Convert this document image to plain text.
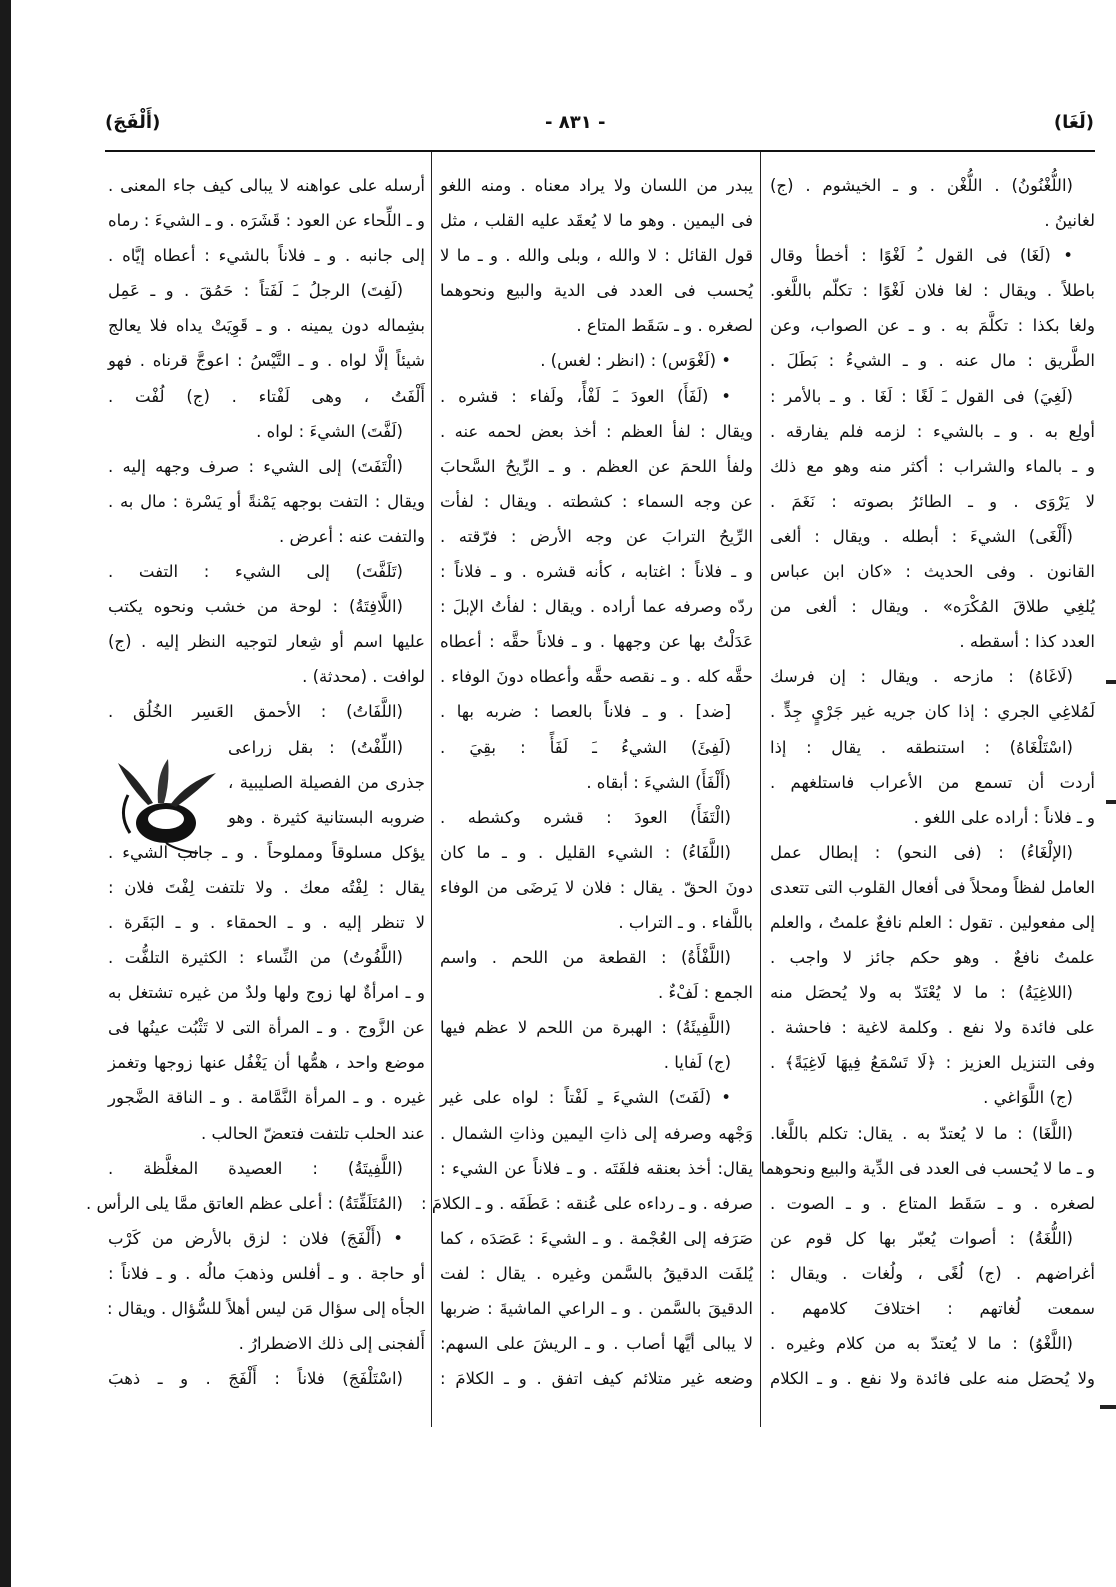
(لَغَا)
- ٨٣١ -
(أَلْفَجَ)
(اللُّغْنُونُ) . اللُّغْن . و ـ الخيشوم . (ج)
لغانينُ .
• (لَغَا) فى القول ـُ لَغْوًا : أخطأ وقال
باطلاً . ويقال : لغا فلان لَغْوًا : تكلّم باللَّغو.
ولغا بكذا : تكلَّمَ به . و ـ عن الصواب، وعن
الطَّريق : مال عنه . و ـ الشيءُ : بَطَلَ .
(لَغِيَ) فى القول ـَ لَغًا : لَغَا . و ـ بالأمر :
أولِع به . و ـ بالشيء : لزمه فلم يفارقه .
و ـ بالماء والشراب : أكثر منه وهو مع ذلك
لا يَرْوَى . و ـ الطائرُ بصوته : نَغَمَ .
(أَلْغَى) الشيءَ : أبطله . ويقال : ألغى
القانون . وفى الحديث : «كان ابن عباس
يُلغِي طلاقَ المُكْرَه» . ويقال : ألغى من
العدد كذا : أسقطه .
(لَاغَاهُ) : مازحه . ويقال : إن فرسك
لَمُلاغِي الجري : إذا كان جريه غير جَرْيٍ جِدٍّ .
(اسْتَلْغَاهُ) : استنطقه . يقال : إذا
أردت أن تسمع من الأعراب فاستلغهم .
و ـ فلاناً : أراده على اللغو .
(الإلْغَاءُ) : (فى النحو) : إبطال عمل
العامل لفظاً ومحلاً فى أفعال القلوب التى تتعدى
إلى مفعولين . تقول : العلم نافعٌ علمتُ ، والعلم
علمتُ نافعٌ . وهو حكم جائز لا واجب .
(اللاغِيَةُ) : ما لا يُعْتَدّ به ولا يُحصَل منه
على فائدة ولا نفع . وكلمة لاغية : فاحشة .
وفى التنزيل العزيز : ﴿لَا تَسْمَعُ فِيهَا لَاغِيَةً﴾ .
(ج) اللَّوَاغي .
(اللَّغَا) : ما لا يُعتدّ به . يقال: تكلم باللَّغا.
و ـ ما لا يُحسب فى العدد فى الدِّية والبيع ونحوهما
لصغره . و ـ سَقَط المتاع . و ـ الصوت .
(اللُّغَةُ) : أصوات يُعبّر بها كل قوم عن
أغراضهم . (ج) لُغًى ، ولُغات . ويقال :
سمعت لُغاتهم : اختلافَ كلامهم .
(اللَّغْوُ) : ما لا يُعتدّ به من كلام وغيره .
ولا يُحصَل منه على فائدة ولا نفع . و ـ الكلام
يبدر من اللسان ولا يراد معناه . ومنه اللغو
فى اليمين . وهو ما لا يُعقَد عليه القلب ، مثل
قول القائل : لا والله ، وبلى والله . و ـ ما لا
يُحسب فى العدد فى الدية والبيع ونحوهما
لصغره . و ـ سَقَط المتاع .
• (لَغْوَس) : (انظر : لغس) .
• (لَفَأَ) العودَ ـَ لَفْأً، ولَفاء : قشره .
ويقال : لفأ العظم : أخذ بعض لحمه عنه .
ولفأ اللحمَ عن العظم . و ـ الرِّيحُ السَّحابَ
عن وجه السماء : كشطته . ويقال : لفأت
الرِّيحُ الترابَ عن وجه الأرض : فرّقته .
و ـ فلاناً : اغتابه ، كأنه قشره . و ـ فلاناً :
ردّه وصرفه عما أراده . ويقال : لفأتُ الإبلَ :
عَدَلْتُ بها عن وجهها . و ـ فلاناً حقَّه : أعطاه
حقَّه كله . و ـ نقصه حقَّه وأعطاه دونَ الوفاء .
[ضد] . و ـ فلاناً بالعصا : ضربه بها .
(لَفِئَ) الشيءُ ـَ لَفَأً : بقِيَ .
(أَلْفَأَ) الشيءَ : أبقاه .
(الْتَفَأَ) العودَ : قشره وكشطه .
(اللَّفَاءُ) : الشيء القليل . و ـ ما كان
دونَ الحقّ . يقال : فلان لا يَرضَى من الوفاء
باللَّفاء . و ـ التراب .
(اللَّفْأَةُ) : القطعة من اللحم . واسم
الجمع : لَفْءٌ .
(اللَّفِيئَةُ) : الهبرة من اللحم لا عظم فيها
(ج) لَفايا .
• (لَفَتَ) الشيءَ ـِ لَفْتاً : لواه على غير
وَجْهه وصرفه إلى ذاتِ اليمين وذاتِ الشمال .
يقال: أخذ بعنقه فلفَتَه . و ـ فلاناً عن الشيء :
صرفه . و ـ رداءه على عُنقه : عَطَفَه . و ـ الكلامَ :
صَرَفه إلى العُجْمة . و ـ الشيءَ : عَصَدَه ، كما
يُلفَت الدقيقُ بالسَّمن وغيره . يقال : لفت
الدقيقَ بالسَّمن . و ـ الراعي الماشيةَ : ضربها
لا يبالى أيَّها أصاب . و ـ الريشَ على السهم:
وضعه غير متلائم كيف اتفق . و ـ الكلامَ :
أرسله على عواهنه لا يبالى كيف جاء المعنى .
و ـ اللِّحاء عن العود : قَشَرَه . و ـ الشيءَ : رماه
إلى جانبه . و ـ فلاناً بالشيء : أعطاه إيَّاه .
(لَفِتَ) الرجلُ ـَ لَفَتاً : حَمُقَ . و ـ عَمِل
بشِماله دون يمينه . و ـ قَوِيَتْ يداه فلا يعالج
شيئاً إلَّا لواه . و ـ التَّيْسُ : اعوجَّ قرناه . فهو
أَلْفَتُ ، وهى لَفْتاء . (ج) لُفْت .
(لَفَّتَ) الشيءَ : لواه .
(الْتَفَتَ) إلى الشيء : صرف وجهه إليه .
ويقال : التفت بوجهه يَمْنةً أو يَسْرة : مال به .
والتفت عنه : أعرض .
(تَلَفَّتَ) إلى الشيء : التفت .
(اللَّافِتَةُ) : لوحة من خشب ونحوه يكتب
عليها اسم أو شِعار لتوجيه النظر إليه . (ج)
لوافت . (محدثة) .
(اللَّفَاتُ) : الأحمق العَسِر الخُلُق .
(اللِّفْتُ) : بقل زراعى
جذرى من الفصيلة الصليبية ،
ضروبه البستانية كثيرة . وهو
يؤكل مسلوقاً ومملوحاً . و ـ جانب الشيء .
يقال : لِفْتُه معك . ولا تلتفت لِفْتَ فلان :
لا تنظر إليه . و ـ الحمقاء . و ـ البَقَرة .
(اللَّفُوتُ) من النِّساء : الكثيرة التلفُّت .
و ـ امرأةٌ لها زوج ولها ولدٌ من غيره تشتغل به
عن الزَّوج . و ـ المرأة التى لا تَثْبُت عينُها فى
موضع واحد ، همُّها أن يَغْفُل عنها زوجها وتغمز
غيره . و ـ المرأة النَّمَّامة . و ـ الناقة الضَّجور
عند الحلب تلتفت فتعضّ الحالب .
(اللَّفِيتَةُ) : العصيدة المغلَّظة .
(المُتَلَفِّتَةُ) : أعلى عظم العاتق ممَّا يلى الرأس .
• (أَلْفَجَ) فلان : لزق بالأرض من كَرْب
أو حاجة . و ـ أفلس وذهبَ مالُه . و ـ فلاناً :
الجأه إلى سؤال مَن ليس أهلاً للسُّؤال . ويقال :
أَلفجنى إلى ذلك الاضطرارُ .
(اسْتَلْفَجَ) فلاناً : أَلْفَجَ . و ـ ذهبَ
